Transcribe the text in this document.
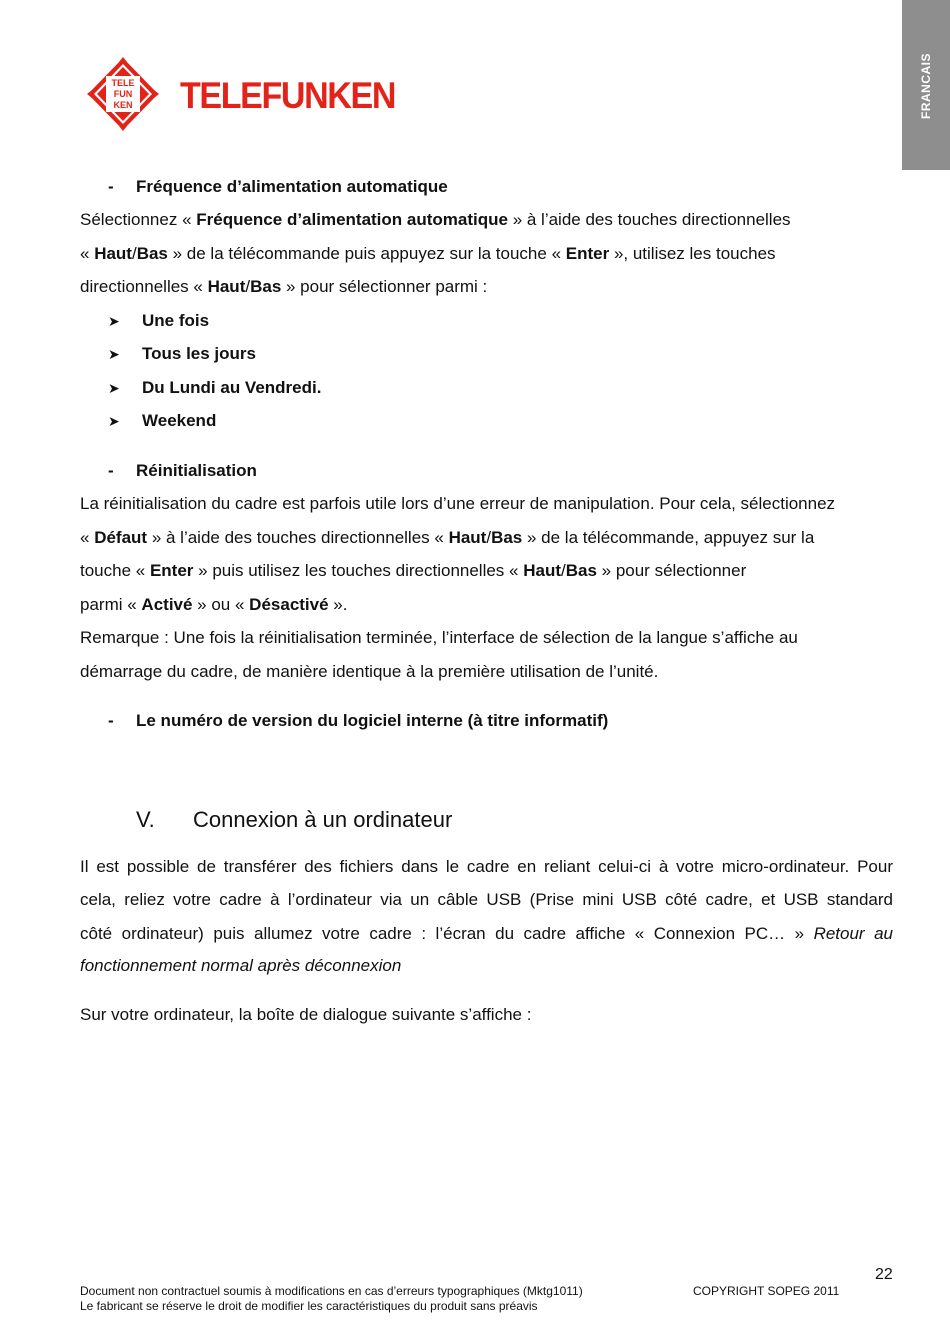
FRANCAIS
TELE
FUN
KEN TELEFUNKEN
- Fréquence d’alimentation automatique
Sélectionnez « Fréquence d’alimentation automatique » à l’aide des touches directionnelles
« Haut/Bas » de la télécommande puis appuyez sur la touche « Enter », utilisez les touches
directionnelles « Haut/Bas » pour sélectionner parmi :
➤ Une fois
➤ Tous les jours
➤ Du Lundi au Vendredi.
➤ Weekend
- Réinitialisation
La réinitialisation du cadre est parfois utile lors d’une erreur de manipulation. Pour cela, sélectionnez
« Défaut » à l’aide des touches directionnelles « Haut/Bas » de la télécommande, appuyez sur la
touche « Enter » puis utilisez les touches directionnelles « Haut/Bas » pour sélectionner
parmi « Activé » ou « Désactivé ».
Remarque : Une fois la réinitialisation terminée, l’interface de sélection de la langue s’affiche au
démarrage du cadre, de manière identique à la première utilisation de l’unité.
- Le numéro de version du logiciel interne (à titre informatif)
V. Connexion à un ordinateur
Il est possible de transférer des fichiers dans le cadre en reliant celui-ci à votre micro-ordinateur. Pour
cela, reliez votre cadre à l’ordinateur via un câble USB (Prise mini USB côté cadre, et USB standard
côté ordinateur) puis allumez votre cadre : l’écran du cadre affiche « Connexion PC… » Retour au
fonctionnement normal après déconnexion
Sur votre ordinateur, la boîte de dialogue suivante s’affiche :
22
Document non contractuel soumis à modifications en cas d’erreurs typographiques (Mktg1011)
Le fabricant se réserve le droit de modifier les caractéristiques du produit sans préavis
COPYRIGHT SOPEG 2011
